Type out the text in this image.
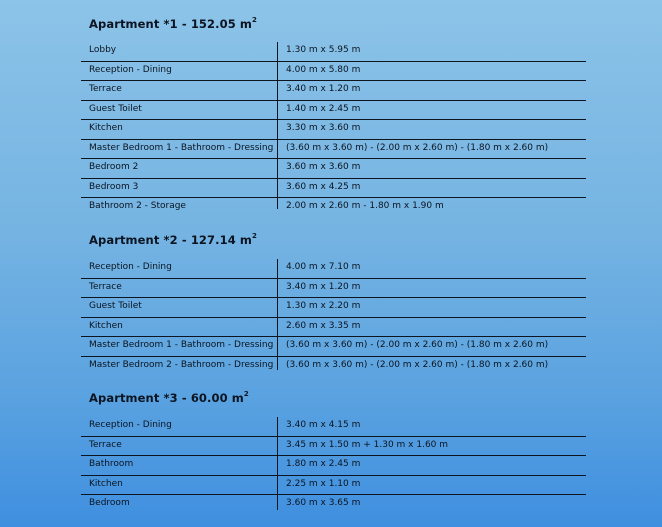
Apartment *1 - 152.05 $m^2$
Lobby	1.30 m x 5.95 m
Reception - Dining	4.00 m x 5.80 m
Terrace	3.40 m x 1.20 m
Guest Toilet	1.40 m x 2.45 m
Kitchen	3.30 m x 3.60 m
Master Bedroom 1 - Bathroom - Dressing (3.60 m x 3.60 m) - (2.00 m x 2.60 m) - (1.80 m x 2.60 m)
Bedroom 2	3.60 m x 3.60 m
Bedroom 3	3.60 m x 4.25 m
Bathroom 2 - Storage	2.00 m x 2.60 m - 1.80 m x 1.90 m
Apartment *2 - 127.14 $m^2$
Reception - Dining	4.00 m x 7.10 m
Terrace	3.40 m x 1.20 m
Guest Toilet	1.30 m x 2.20 m
Kitchen	2.60 m x 3.35 m
Master Bedroom 1 - Bathroom - Dressing (3.60 m x 3.60 m) - (2.00 m x 2.60 m) - (1.80 m x 2.60 m)
Master Bedroom 2 - Bathroom - Dressing (3.60 m x 3.60 m) - (2.00 m x 2.60 m) - (1.80 m x 2.60 m)
Apartment *3 - 60.00 $m^2$
Reception - Dining	3.40 m x 4.15 m
Terrace	3.45 m x 1.50 m + 1.30 m x 1.60 m
Bathroom	1.80 m x 2.45 m
Kitchen	2.25 m x 1.10 m
Bedroom	3.60 m x 3.65 m
